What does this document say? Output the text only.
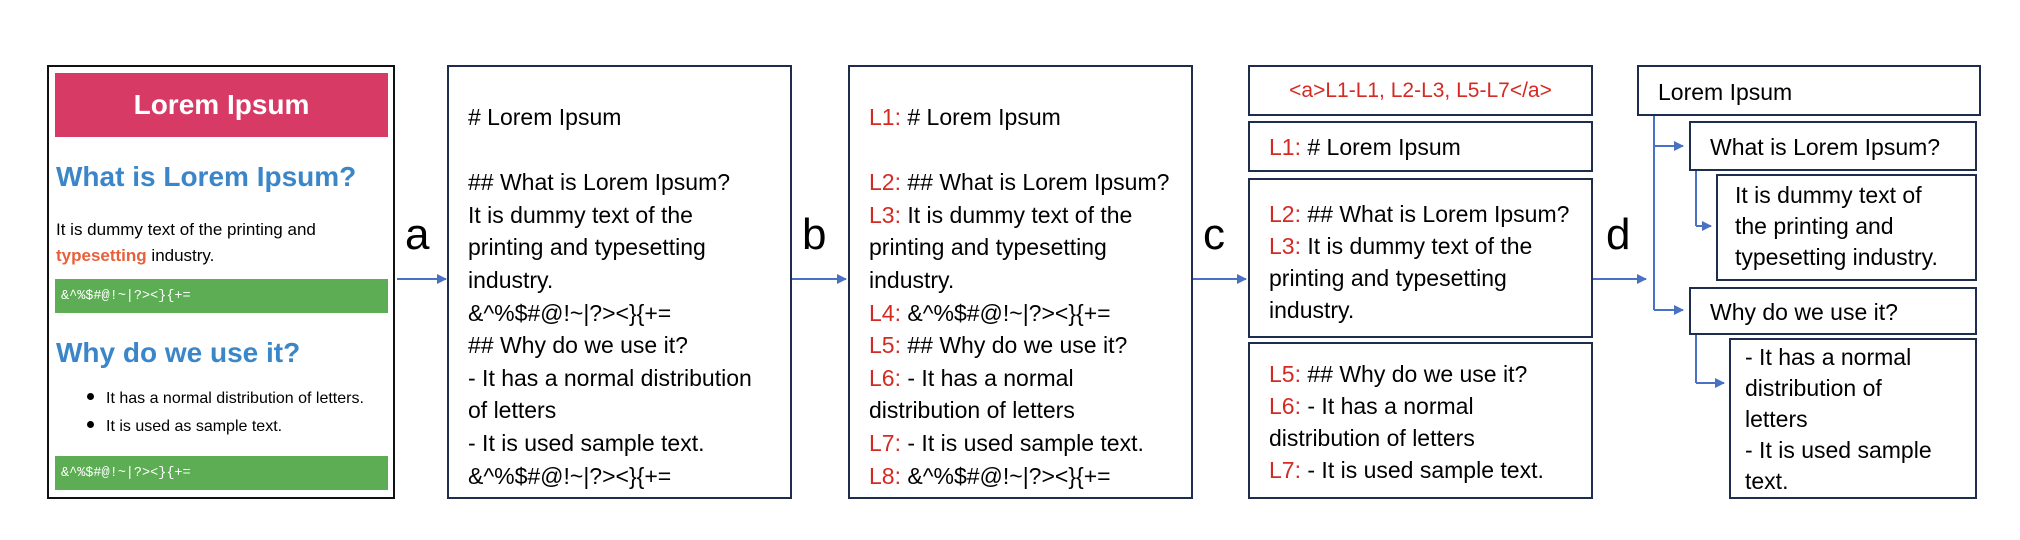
a	b	c	d
Lorem Ipsum
What is Lorem Ipsum?
It is dummy text of the printing and
typesetting industry.
&^%$#@!~|?><}{+=
Why do we use it?
It has a normal distribution of letters.
It is used as sample text.
&^%$#@!~|?><}{+=
# Lorem Ipsum
## What is Lorem Ipsum?
It is dummy text of the
printing and typesetting
industry.
&^%$#@!~|?><}{+=
## Why do we use it?
- It has a normal distribution
of letters
- It is used sample text.
&^%$#@!~|?><}{+=
L1: # Lorem Ipsum
L2: ## What is Lorem Ipsum?
L3: It is dummy text of the
printing and typesetting
industry.
L4: &^%$#@!~|?><}{+=
L5: ## Why do we use it?
L6: - It has a normal
distribution of letters
L7: - It is used sample text.
L8: &^%$#@!~|?><}{+=
<a>L1-L1, L2-L3, L5-L7</a>
L1: # Lorem Ipsum
L2: ## What is Lorem Ipsum?
L3: It is dummy text of the
printing and typesetting
industry.
L5: ## Why do we use it?
L6: - It has a normal
distribution of letters
L7: - It is used sample text.
Lorem Ipsum
What is Lorem Ipsum?
It is dummy text of
the printing and
typesetting industry.
Why do we use it?
- It has a normal
distribution of
letters
- It is used sample
text.
